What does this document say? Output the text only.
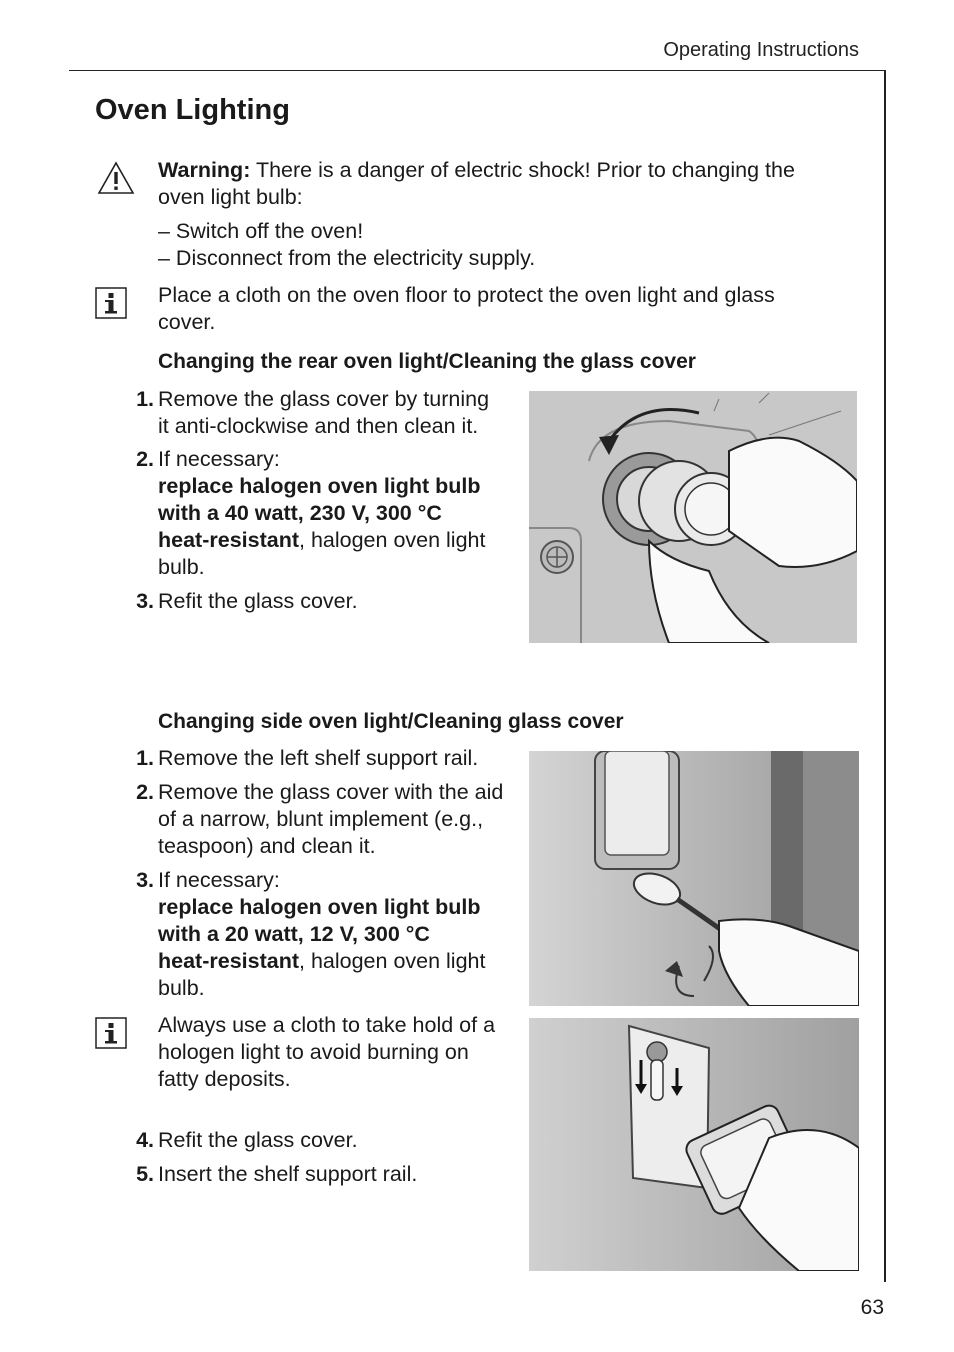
Operating Instructions
Oven Lighting

Warning: There is a danger of electric shock! Prior to changing the

oven light bulb:

– Switch off the oven!

– Disconnect from the electricity supply.

Place a cloth on the oven floor to protect the oven light and glass

cover.

Changing the rear oven light/Cleaning the glass cover

1. Remove the glass cover by turning
it anti-clockwise and then clean it.
2. If necessary:
replace halogen oven light bulb
with a 40 watt, 230 V, 300 °C
heat-resistant, halogen oven light
bulb.
3. Refit the glass cover.

Changing side oven light/Cleaning glass cover

1. Remove the left shelf support rail.
2. Remove the glass cover with the aid
of a narrow, blunt implement (e.g.,
teaspoon) and clean it.
3. If necessary:
replace halogen oven light bulb
with a 20 watt, 12 V, 300 °C
heat-resistant, halogen oven light
bulb.

Always use a cloth to take hold of a

hologen light to avoid burning on

fatty deposits.

4. Refit the glass cover.
5. Insert the shelf support rail.
63
